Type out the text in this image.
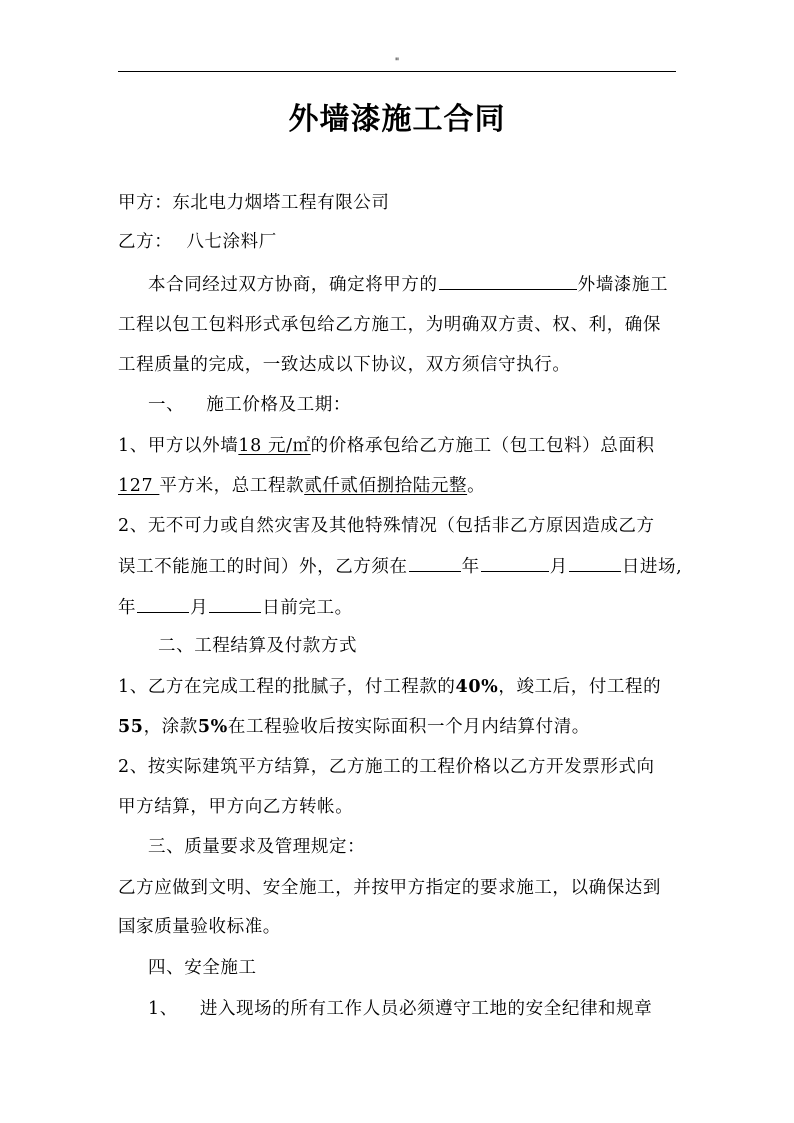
"
外墙漆施工合同
甲方：东北电力烟塔工程有限公司
乙方： 八七涂料厂
本合同经过双方协商，确定将甲方的	外墙漆施工
工程以包工包料形式承包给乙方施工，为明确双方责、权、利，确保
工程质量的完成，一致达成以下协议，双方须信守执行。
一、 施工价格及工期：
1、甲方以外墙18 元/㎡的价格承包给乙方施工（包工包料）总面积
127 平方米，总工程款贰仟贰佰捌拾陆元整。
2、无不可力或自然灾害及其他特殊情况（包括非乙方原因造成乙方
误工不能施工的时间）外，乙方须在	年	月	日进场,
年	月	日前完工。
二、工程结算及付款方式
1、乙方在完成工程的批腻子，付工程款的40%，竣工后，付工程的
55，涂款5%在工程验收后按实际面积一个月内结算付清。
2、按实际建筑平方结算，乙方施工的工程价格以乙方开发票形式向
甲方结算，甲方向乙方转帐。
三、质量要求及管理规定：
乙方应做到文明、安全施工，并按甲方指定的要求施工，以确保达到
国家质量验收标准。
四、安全施工
1、 进入现场的所有工作人员必须遵守工地的安全纪律和规章
